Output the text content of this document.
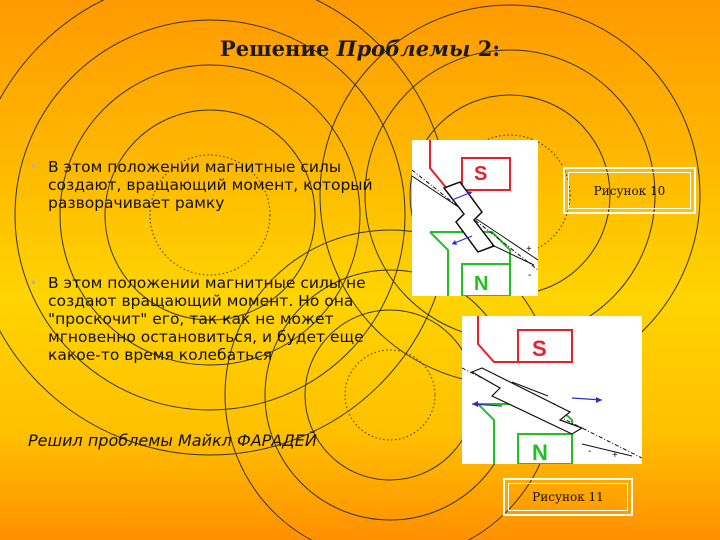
Решение Проблемы 2:

• В этом положении магнитные силы создают, вращающий момент, который разворачивает рамку

• В этом положении магнитные силы не создают вращающий момент. Но она "проскочит" его, так как не может мгновенно остановиться, и будет еще какое-то время колебаться

Решил проблемы Майкл ФАРАДЕЙ
S
N
+
-
Рисунок 10
S
N	- +
Рисунок 11
